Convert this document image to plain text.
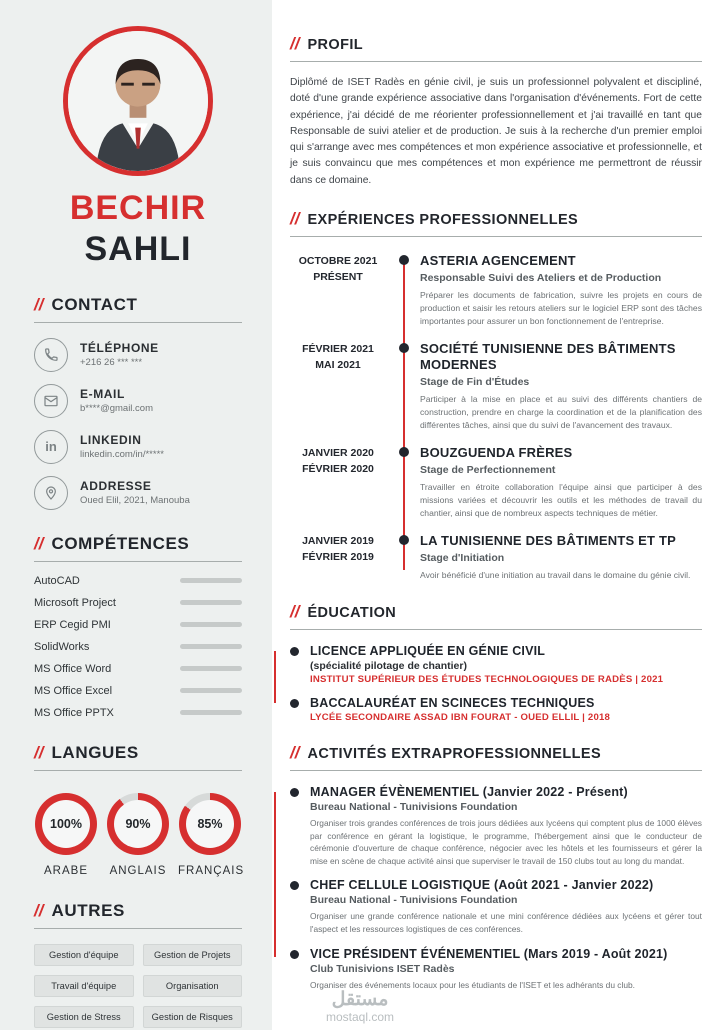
BECHIR
SAHLI
// CONTACT
TÉLÉPHONE
+216 26 *** ***
E-MAIL
b****@gmail.com
in	LINKEDIN
linkedin.com/in/*****
ADDRESSE
Oued Elil, 2021, Manouba
// COMPÉTENCES
AutoCAD
Microsoft Project
ERP Cegid PMI
SolidWorks
MS Office Word
MS Office Excel
MS Office PPTX
// LANGUES
100%
ARABE
90%
ANGLAIS
85%
FRANÇAIS
// AUTRES
Gestion d'équipe	Gestion de Projets
Travail d'équipe	Organisation
Gestion de Stress	Gestion de Risques
// PROFIL

Diplômé de ISET Radès en génie civil, je suis un professionnel polyvalent et discipliné, doté d'une grande expérience associative dans l'organisation d'événements. Fort de cette expérience, j'ai décidé de me réorienter professionnellement et j'ai travaillé en tant que Responsable de suivi atelier et de production. Je suis à la recherche d'un premier emploi qui s'arrange avec mes compétences et mon expérience associative et professionnelle, et je suis convaincu que mes compétences et mon expérience me permettront de réussir dans ce domaine.

// EXPÉRIENCES PROFESSIONNELLES
OCTOBRE 2021
PRÉSENT
ASTERIA AGENCEMENT
Responsable Suivi des Ateliers et de Production

Préparer les documents de fabrication, suivre les projets en cours de production et saisir les retours ateliers sur le logiciel ERP sont des tâches importantes pour assurer un bon fonctionnement de l'entreprise.

FÉVRIER 2021
MAI 2021
SOCIÉTÉ TUNISIENNE DES BÂTIMENTS MODERNES
Stage de Fin d'Études

Participer à la mise en place et au suivi des différents chantiers de construction, prendre en charge la coordination et de la planification des différentes tâches, ainsi que du suivi de l'avancement des travaux.

JANVIER 2020
FÉVRIER 2020
BOUZGUENDA FRÈRES
Stage de Perfectionnement

Travailler en étroite collaboration l'équipe ainsi que participer à des missions variées et découvrir les outils et les méthodes de travail du chantier, ainsi que de nombreux aspects techniques de métier.

JANVIER 2019
FÉVRIER 2019
LA TUNISIENNE DES BÂTIMENTS ET TP
Stage d'Initiation

Avoir bénéficié d'une initiation au travail dans le domaine du génie civil.

// ÉDUCATION
LICENCE APPLIQUÉE EN GÉNIE CIVIL
(spécialité pilotage de chantier)
INSTITUT SUPÉRIEUR DES ÉTUDES TECHNOLOGIQUES DE RADÈS | 2021
BACCALAURÉAT EN SCINECES TECHNIQUES
LYCÉE SECONDAIRE ASSAD IBN FOURAT - OUED ELLIL | 2018
// ACTIVITÉS EXTRAPROFESSIONNELLES
MANAGER ÉVÈNEMENTIEL (Janvier 2022 - Présent)
Bureau National - Tunivisions Foundation

Organiser trois grandes conférences de trois jours dédiées aux lycéens qui comptent plus de 1000 élèves par conférence en gérant la logistique, le programme, l'hébergement ainsi que le conducteur de cérémonie d'ouverture de chaque conférence, négocier avec les hôtels et les fournisseurs et gérer la mise en scène de chaque activité ainsi que superviser le travail de 150 clubs tout au long du mandat.

CHEF CELLULE LOGISTIQUE (Août 2021 - Janvier 2022)
Bureau National - Tunivisions Foundation

Organiser une grande conférence nationale et une mini conférence dédiées aux lycéens et gérer tout l'aspect et les ressources logistiques de ces conférences.

VICE PRÉSIDENT ÉVÉNEMENTIEL (Mars 2019 - Août 2021)
Club Tunisivions ISET Radès

Organiser des événements locaux pour les étudiants de l'ISET et les adhérants du club.

مستقل
mostaql.com
